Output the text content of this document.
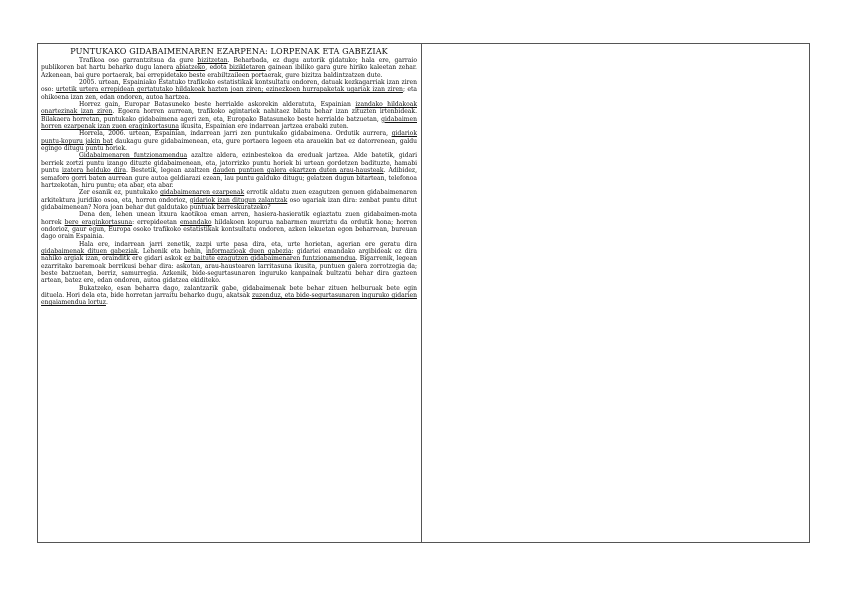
PUNTUKAKO GIDABAIMENAREN EZARPENA: LORPENAK ETA GABEZIAK

Trafikoa oso garrantzitsua da gure bizitzetan. Beharbada, ez dugu autorik gidatuko; hala ere, garraio publikoren bat hartu beharko dugu lanera abiatzeko, edota bizikletaren gainean ibiliko gara gure hiriko kaleetan zehar. Azkenean, bai gure portaerak, bai errepidetako beste erabiltzaileen portaerak, gure bizitza baldintzatzen dute.

2005. urtean, Espainiako Estatuko trafikoko estatistikak kontsultatu ondoren, datuak kezkagarriak izan ziren oso: urtetik urtera errepidean gertatutako hildakoak hazten joan ziren; ezinezkoen hurrapaketak ugariak izan ziren; eta ohikoena izan zen, edan ondoren, autoa hartzea.

Horrez gain, Europar Batasuneko beste herrialde askorekin alderatuta, Espainian izandako hildakoak onartezinak izan ziren. Egoera horren aurrean, trafikoko agintariek nahitaez bilatu behar izan zituzten irtenbideak. Bilakaera horretan, puntukako gidabaimena ageri zen, eta, Europako Batasuneko beste herrialde batzuetan, gidabaimen horren ezarpenak izan zuen eraginkortasuna ikusita, Espainian ere indarrean jartzea erabaki zuten.

Horrela, 2006. urtean, Espainian, indarrean jarri zen puntukako gidabaimena. Ordutik aurrera, gidariok puntu-kopuru jakin bat daukagu gure gidabaimenean, eta, gure portaera legeen eta arauekin bat ez datorrenean, galdu egingo ditugu puntu horiek.

Gidabaimenaren funtzionamendua azaltze aldera, ezinbestekoa da ereduak jartzea. Alde batetik, gidari berriek zortzi puntu izango dituzte gidabaimenean, eta, jatorrizko puntu horiek bi urtean gordetzen badituzte, hamabi puntu izatera helduko dira. Bestetik, legean azaltzen dauden puntuen galera ekartzen duten arau-hausteak. Adibidez, semaforo gorri baten aurrean gure autoa geldiarazi ezean, lau puntu galduko ditugu; gelatzen dugun bitartean, telefonoa hartzekotan, hiru puntu; eta abar, eta abar.

Zer esanik ez, puntukako gidabaimenaren ezarpenak errotik aldatu zuen ezagutzen genuen gidabaimenaren arkitektura juridiko osoa, eta, horren ondorioz, gidariok izan ditugun zalantzak oso ugariak izan dira: zenbat puntu ditut gidabaimenean? Nora joan behar dut galdutako puntuak berreskuratzeko?

Dena den, lehen unean itxura kaotikoa eman arren, hasiera-hasieratik egiaztatu zuen gidabaimen-mota horrek bere eraginkortasuna: errepideetan emandako hildakoen kopurua nabarmen murriztu da ordutik hona; horren ondorioz, gaur egun, Europa osoko trafikoko estatistikak kontsultatu ondoren, azken lekuetan egon beharrean, bureuan dago orain Espainia.

Hala ere, indarrean jarri zenetik, zazpi urte pasa dira, eta, urte horietan, agerian ere geratu dira gidabaimenak dituen gabeziak. Lehenik eta behin, informazioak duen gabezia: gidariei emandako argibideak ez dira nahiko argiak izan, orainditk ere gidari askok ez baitute ezagutzen gidabaimenaren funtzionamendua. Bigarrenik, legean ezarritako baremoak berrikusi behar dira: askotan, arau-haustearen larritasuna ikusita, puntuen galera zorrotzegia da; beste batzuetan, berriz, samurregia. Azkenik, bide-segurtasunaren inguruko kanpainak bultzatu behar dira gazteen artean, batez ere, edan ondoren, autoa gidatzea ekiditeko.

Bukatzeko, esan beharra dago, zalantzarik gabe, gidabaimenak bete behar zituen helburuak bete egin dituela. Hori dela eta, bide horretan jarraitu beharko dugu, akatsak zuzenduz, eta bide-segurtasunaren inguruko gidarien engaiamendua lortuz.
